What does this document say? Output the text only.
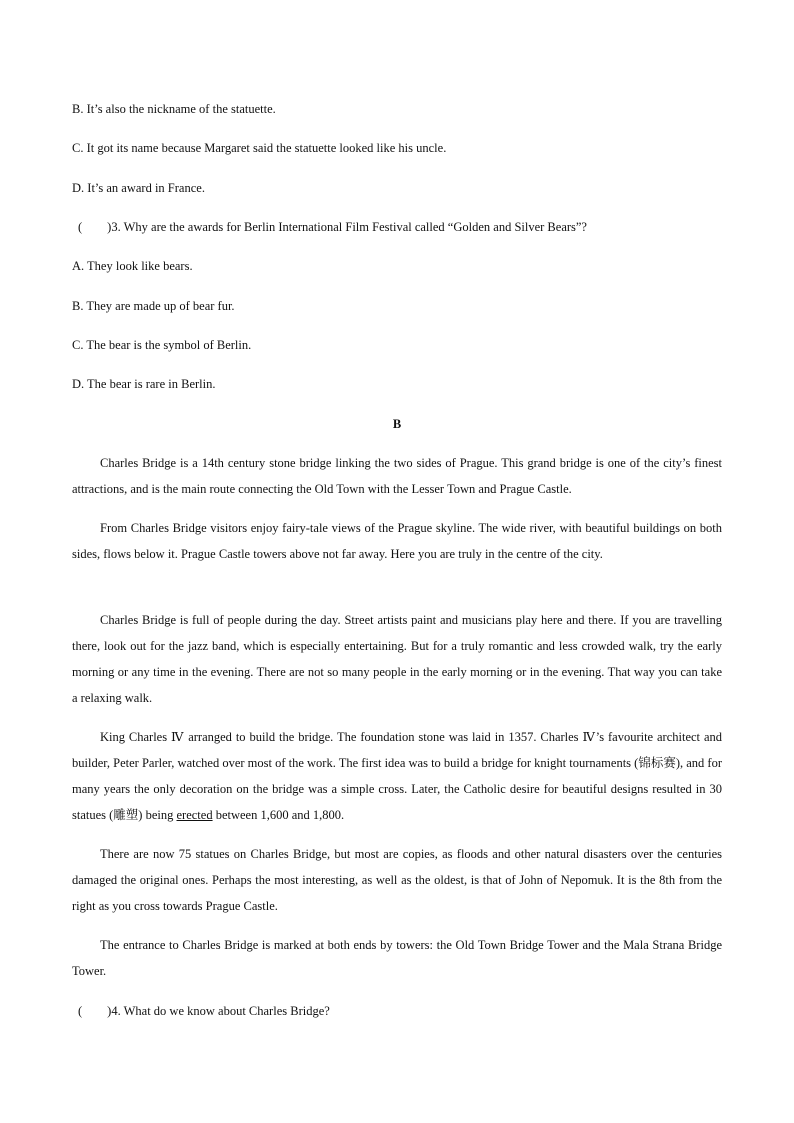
B. It’s also the nickname of the statuette.
C. It got its name because Margaret said the statuette looked like his uncle.
D. It’s an award in France.
(　　)3. Why are the awards for Berlin International Film Festival called “Golden and Silver Bears”?
A. They look like bears.
B. They are made up of bear fur.
C. The bear is the symbol of Berlin.
D. The bear is rare in Berlin.
B
Charles Bridge is a 14th century stone bridge linking the two sides of Prague. This grand bridge is one of the city’s finest attractions, and is the main route connecting the Old Town with the Lesser Town and Prague Castle.
From Charles Bridge visitors enjoy fairy-tale views of the Prague skyline. The wide river, with beautiful buildings on both sides, flows below it. Prague Castle towers above not far away. Here you are truly in the centre of the city.
Charles Bridge is full of people during the day. Street artists paint and musicians play here and there. If you are travelling there, look out for the jazz band, which is especially entertaining. But for a truly romantic and less crowded walk, try the early morning or any time in the evening. There are not so many people in the early morning or in the evening. That way you can take a relaxing walk.
King Charles Ⅳ arranged to build the bridge. The foundation stone was laid in 1357. Charles Ⅳ’s favourite architect and builder, Peter Parler, watched over most of the work. The first idea was to build a bridge for knight tournaments (锦标赛), and for many years the only decoration on the bridge was a simple cross. Later, the Catholic desire for beautiful designs resulted in 30 statues (雕塑) being erected between 1,600 and 1,800.
There are now 75 statues on Charles Bridge, but most are copies, as floods and other natural disasters over the centuries damaged the original ones. Perhaps the most interesting, as well as the oldest, is that of John of Nepomuk. It is the 8th from the right as you cross towards Prague Castle.
The entrance to Charles Bridge is marked at both ends by towers: the Old Town Bridge Tower and the Mala Strana Bridge Tower.
(　　)4. What do we know about Charles Bridge?
